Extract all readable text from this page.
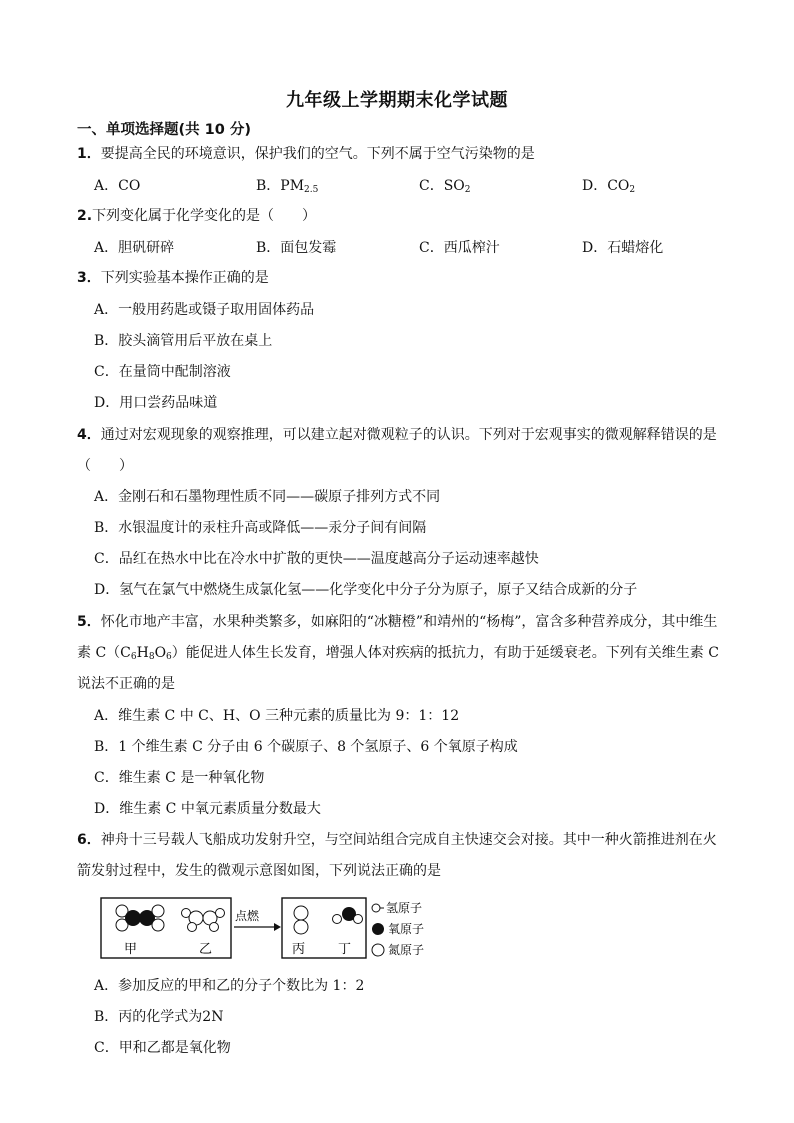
九年级上学期期末化学试题
一、单项选择题(共 10 分)
1．要提高全民的环境意识，保护我们的空气。下列不属于空气污染物的是
A．CO	B．$PM_{2.5}$	C．$SO_2$	D．$CO_2$
2.下列变化属于化学变化的是（　　）
A．胆矾研碎	B．面包发霉	C．西瓜榨汁	D．石蜡熔化
3．下列实验基本操作正确的是
A．一般用药匙或镊子取用固体药品
B．胶头滴管用后平放在桌上
C．在量筒中配制溶液
D．用口尝药品味道
4．通过对宏观现象的观察推理，可以建立起对微观粒子的认识。下列对于宏观事实的微观解释错误的是
（　　）
A．金刚石和石墨物理性质不同——碳原子排列方式不同
B．水银温度计的汞柱升高或降低——汞分子间有间隔
C．品红在热水中比在冷水中扩散的更快——温度越高分子运动速率越快
D．氢气在氯气中燃烧生成氯化氢——化学变化中分子分为原子，原子又结合成新的分子
5．怀化市地产丰富，水果种类繁多，如麻阳的“冰糖橙”和靖州的“杨梅”，富含多种营养成分，其中维生
素 $C(C_6H_8O_6)$能促进人体生长发育，增强人体对疾病的抵抗力，有助于延缓衰老。下列有关维生素 C
说法不正确的是
A．维生素 C 中 C、H、O 三种元素的质量比为 9：1：12
B．1 个维生素 C 分子由 6 个碳原子、8 个氢原子、6 个氧原子构成
C．维生素 C 是一种氧化物
D．维生素 C 中氧元素质量分数最大
6．神舟十三号载人飞船成功发射升空，与空间站组合完成自主快速交会对接。其中一种火箭推进剂在火
箭发射过程中，发生的微观示意图如图，下列说法正确的是
甲	乙
点燃
丙	丁
氢原子
氧原子
氮原子
A．参加反应的甲和乙的分子个数比为 1：2
B．丙的化学式为2N
C．甲和乙都是氧化物
